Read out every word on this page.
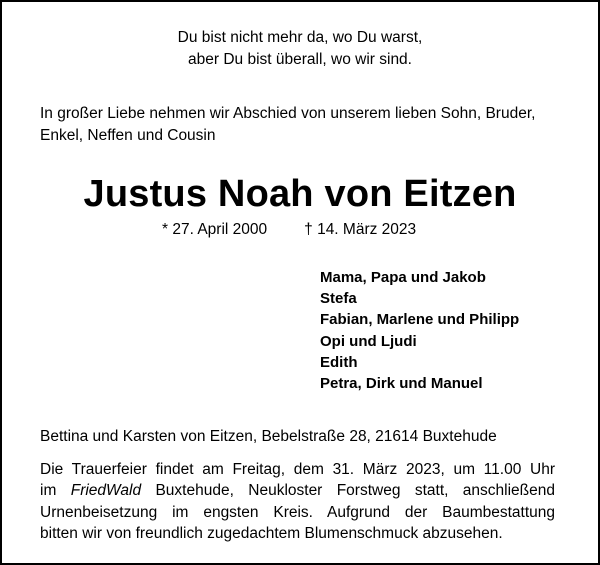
Du bist nicht mehr da, wo Du warst,
aber Du bist überall, wo wir sind.
In großer Liebe nehmen wir Abschied von unserem lieben Sohn, Bruder, Enkel, Neffen und Cousin
Justus Noah von Eitzen
* 27. April 2000 † 14. März 2023
Mama, Papa und Jakob
Stefa
Fabian, Marlene und Philipp
Opi und Ljudi
Edith
Petra, Dirk und Manuel
Bettina und Karsten von Eitzen, Bebelstraße 28, 21614 Buxtehude
Die Trauerfeier findet am Freitag, dem 31. März 2023, um 11.00 Uhr
im FriedWald Buxtehude, Neukloster Forstweg statt, anschließend
Urnenbeisetzung im engsten Kreis. Aufgrund der Baumbestattung
bitten wir von freundlich zugedachtem Blumenschmuck abzusehen.
